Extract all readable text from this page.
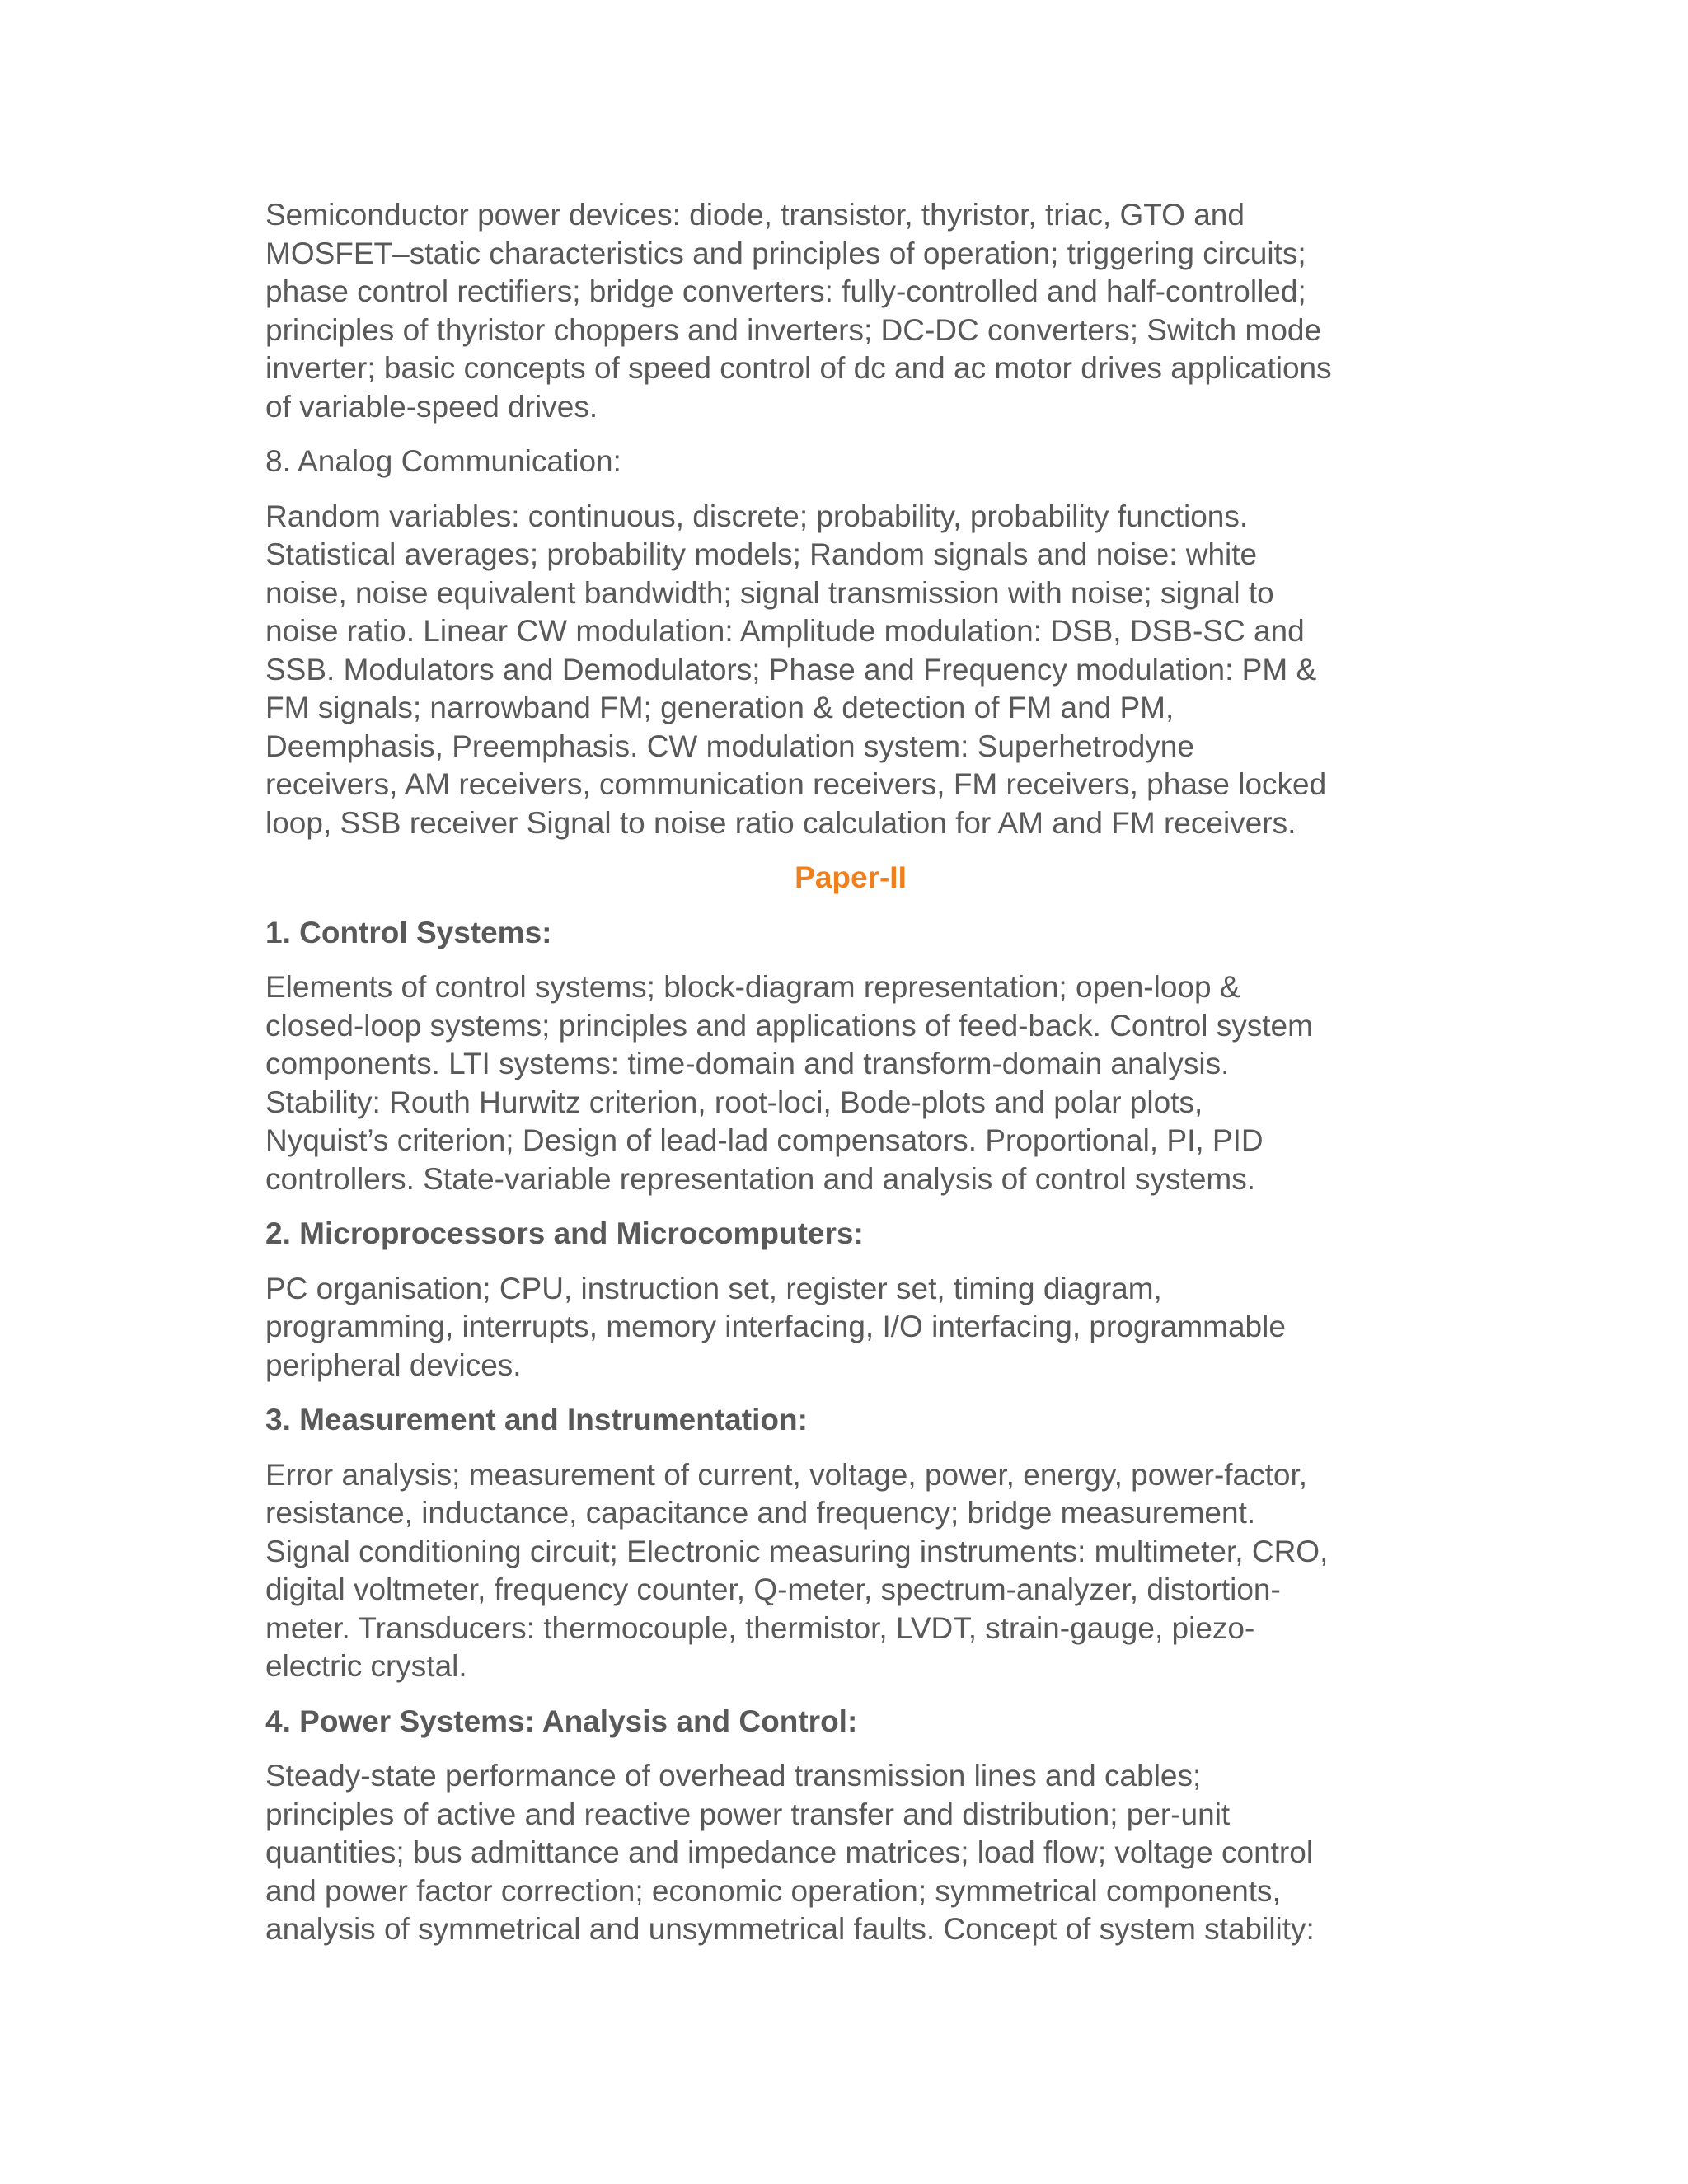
Semiconductor power devices: diode, transistor, thyristor, triac, GTO and
MOSFET–static characteristics and principles of operation; triggering circuits;
phase control rectifiers; bridge converters: fully-controlled and half-controlled;
principles of thyristor choppers and inverters; DC-DC converters; Switch mode
inverter; basic concepts of speed control of dc and ac motor drives applications
of variable-speed drives.

8. Analog Communication:

Random variables: continuous, discrete; probability, probability functions.
Statistical averages; probability models; Random signals and noise: white
noise, noise equivalent bandwidth; signal transmission with noise; signal to
noise ratio. Linear CW modulation: Amplitude modulation: DSB, DSB-SC and
SSB. Modulators and Demodulators; Phase and Frequency modulation: PM &
FM signals; narrowband FM; generation & detection of FM and PM,
Deemphasis, Preemphasis. CW modulation system: Superhetrodyne
receivers, AM receivers, communication receivers, FM receivers, phase locked
loop, SSB receiver Signal to noise ratio calculation for AM and FM receivers.

Paper-II

1. Control Systems:

Elements of control systems; block-diagram representation; open-loop &
closed-loop systems; principles and applications of feed-back. Control system
components. LTI systems: time-domain and transform-domain analysis.
Stability: Routh Hurwitz criterion, root-loci, Bode-plots and polar plots,
Nyquist’s criterion; Design of lead-lad compensators. Proportional, PI, PID
controllers. State-variable representation and analysis of control systems.

2. Microprocessors and Microcomputers:

PC organisation; CPU, instruction set, register set, timing diagram,
programming, interrupts, memory interfacing, I/O interfacing, programmable
peripheral devices.

3. Measurement and Instrumentation:

Error analysis; measurement of current, voltage, power, energy, power-factor,
resistance, inductance, capacitance and frequency; bridge measurement.
Signal conditioning circuit; Electronic measuring instruments: multimeter, CRO,
digital voltmeter, frequency counter, Q-meter, spectrum-analyzer, distortion-
meter. Transducers: thermocouple, thermistor, LVDT, strain-gauge, piezo-
electric crystal.

4. Power Systems: Analysis and Control:

Steady-state performance of overhead transmission lines and cables;
principles of active and reactive power transfer and distribution; per-unit
quantities; bus admittance and impedance matrices; load flow; voltage control
and power factor correction; economic operation; symmetrical components,
analysis of symmetrical and unsymmetrical faults. Concept of system stability:
